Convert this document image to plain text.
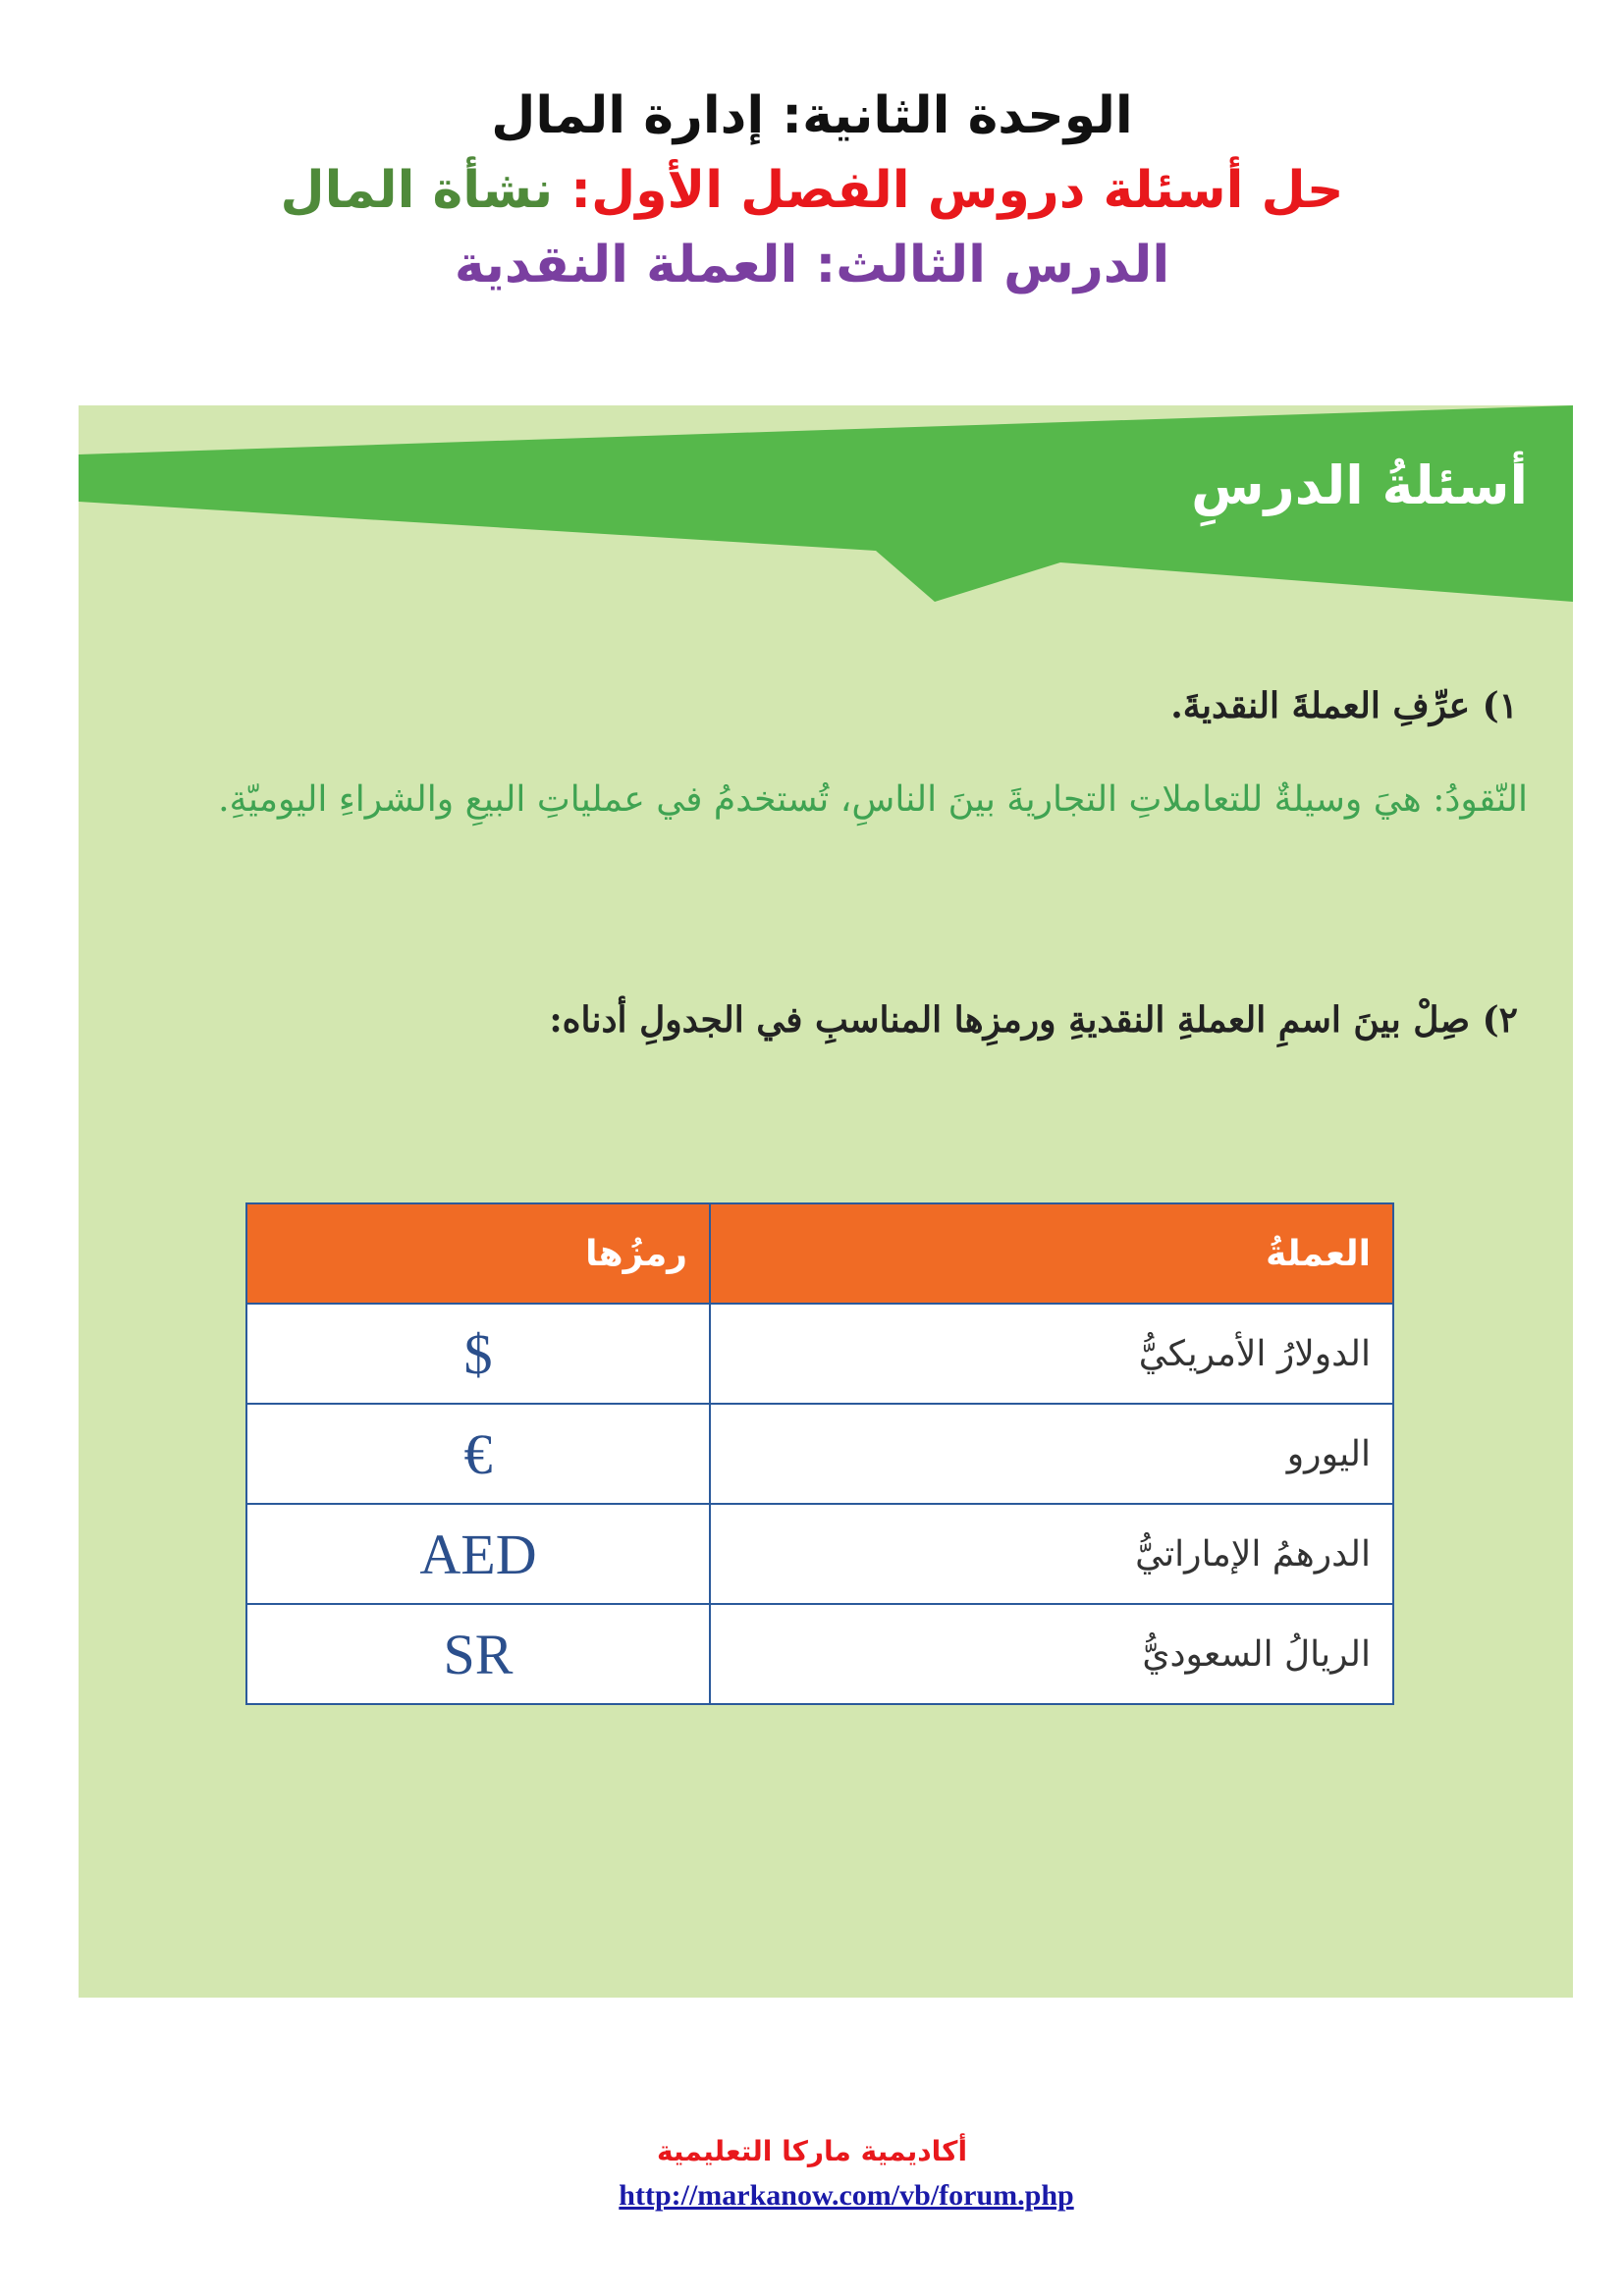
الوحدة الثانية: إدارة المال
حل أسئلة دروس الفصل الأول: نشأة المال
الدرس الثالث: العملة النقدية
أسئلةُ الدرسِ
١) عرِّفِ العملةَ النقديةَ.
النّقودُ: هيَ وسيلةٌ للتعاملاتِ التجاريةَ بينَ الناسِ، تُستخدمُ في عملياتِ البيعِ والشراءِ اليوميّةِ.
٢) صِلْ بينَ اسمِ العملةِ النقديةِ ورمزِها المناسبِ في الجدولِ أدناه:
العملةُ	رمزُها
الدولارُ الأمريكيُّ	$
اليورو	€
الدرهمُ الإماراتيُّ	AED
الريالُ السعوديُّ	SR
أكاديمية ماركا التعليمية
http://markanow.com/vb/forum.php
